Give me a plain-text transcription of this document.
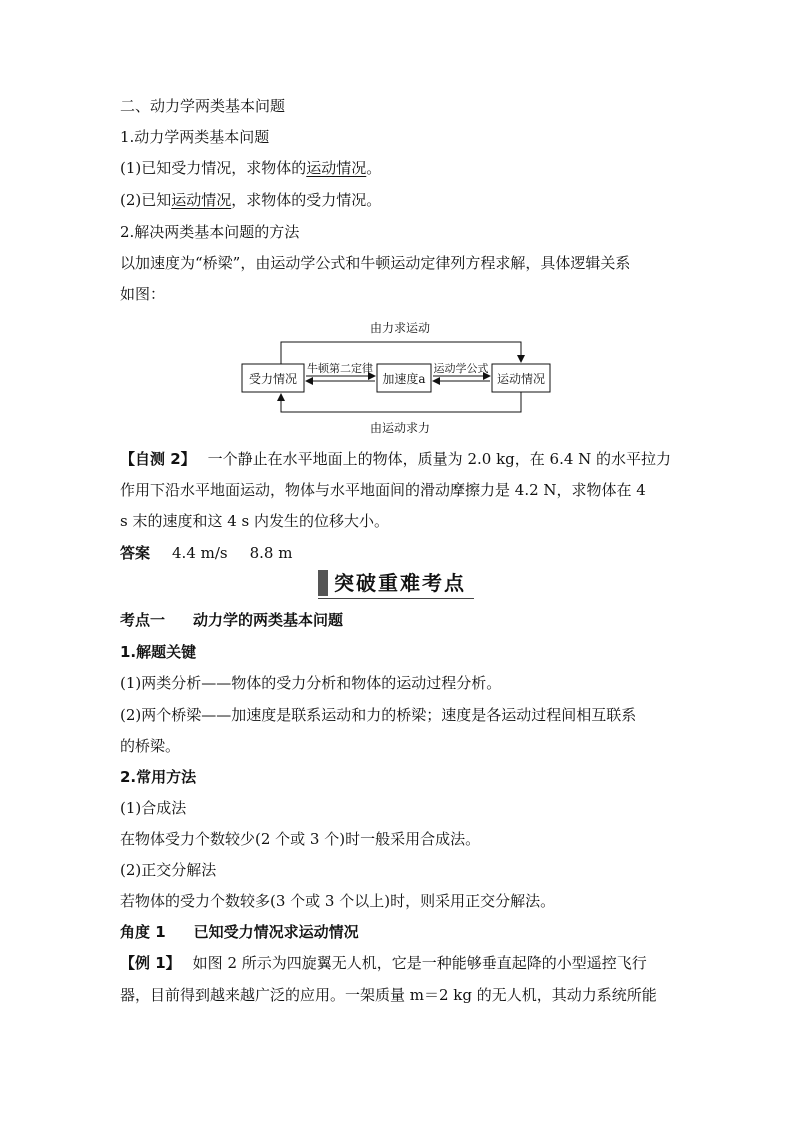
二、动力学两类基本问题
1.动力学两类基本问题
(1)已知受力情况，求物体的运动情况。
(2)已知运动情况，求物体的受力情况。
2.解决两类基本问题的方法
以加速度为“桥梁”，由运动学公式和牛顿运动定律列方程求解，具体逻辑关系
如图：
由力求运动
由运动求力
受力情况	加速度a	运动情况
牛顿第二定律	运动学公式
【自测 2】 一个静止在水平地面上的物体，质量为 2.0 kg，在 6.4 N 的水平拉力
作用下沿水平地面运动，物体与水平地面间的滑动摩擦力是 4.2 N，求物体在 4
s 末的速度和这 4 s 内发生的位移大小。
答案 4.4 m/s 8.8 m
突破重难考点
考点一 动力学的两类基本问题
1.解题关键
(1)两类分析——物体的受力分析和物体的运动过程分析。
(2)两个桥梁——加速度是联系运动和力的桥梁；速度是各运动过程间相互联系
的桥梁。
2.常用方法
(1)合成法
在物体受力个数较少(2 个或 3 个)时一般采用合成法。
(2)正交分解法
若物体的受力个数较多(3 个或 3 个以上)时，则采用正交分解法。
角度 1 已知受力情况求运动情况
【例 1】 如图 2 所示为四旋翼无人机，它是一种能够垂直起降的小型遥控飞行
器，目前得到越来越广泛的应用。一架质量 m＝2 kg 的无人机，其动力系统所能
